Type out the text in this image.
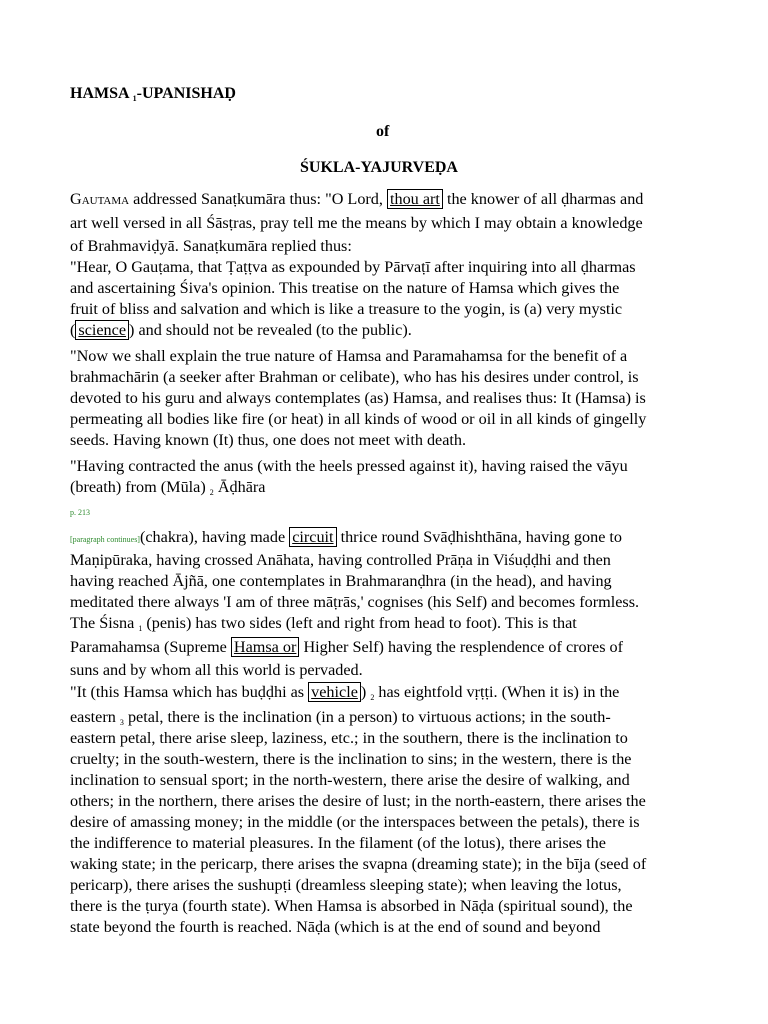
HAMSA $_1$-UPANISHAḌ
of
ŚUKLA-YAJURVEḌA
Gautama addressed Sanaṭkumāra thus: "O Lord, thou art the knower of all ḍharmas and
art well versed in all Śāsṭras, pray tell me the means by which I may obtain a knowledge
of Brahmaviḍyā. Sanaṭkumāra replied thus:
"Hear, O Gauṭama, that Ṭaṭṭva as expounded by Pārvaṭī after inquiring into all ḍharmas
and ascertaining Śiva's opinion. This treatise on the nature of Hamsa which gives the
fruit of bliss and salvation and which is like a treasure to the yogin, is (a) very mystic
( science ) and should not be revealed (to the public).
"Now we shall explain the true nature of Hamsa and Paramahamsa for the benefit of a
brahmachārin (a seeker after Brahman or celibate), who has his desires under control, is
devoted to his guru and always contemplates (as) Hamsa, and realises thus: It (Hamsa) is
permeating all bodies like fire (or heat) in all kinds of wood or oil in all kinds of gingelly
seeds. Having known (It) thus, one does not meet with death.
"Having contracted the anus (with the heels pressed against it), having raised the vāyu
(breath) from (Mūla) $_2$ Āḍhāra
p. 213
[paragraph continues](chakra), having made circuit thrice round Svāḍhishthāna, having gone to
Maṇipūraka, having crossed Anāhata, having controlled Prāṇa in Viśuḍḍhi and then
having reached Ājñā, one contemplates in Brahmaranḍhra (in the head), and having
meditated there always 'I am of three māṭrās,' cognises (his Self) and becomes formless.
The Śisna $_1$ (penis) has two sides (left and right from head to foot). This is that
Paramahamsa (Supreme Hamsa or Higher Self) having the resplendence of crores of
suns and by whom all this world is pervaded.
"It (this Hamsa which has buḍḍhi as vehicle ) $_2$ has eightfold vṛṭṭi. (When it is) in the
eastern $_3$ petal, there is the inclination (in a person) to virtuous actions; in the south-
eastern petal, there arise sleep, laziness, etc.; in the southern, there is the inclination to
cruelty; in the south-western, there is the inclination to sins; in the western, there is the
inclination to sensual sport; in the north-western, there arise the desire of walking, and
others; in the northern, there arises the desire of lust; in the north-eastern, there arises the
desire of amassing money; in the middle (or the interspaces between the petals), there is
the indifference to material pleasures. In the filament (of the lotus), there arises the
waking state; in the pericarp, there arises the svapna (dreaming state); in the bīja (seed of
pericarp), there arises the sushupṭi (dreamless sleeping state); when leaving the lotus,
there is the ṭurya (fourth state). When Hamsa is absorbed in Nāḍa (spiritual sound), the
state beyond the fourth is reached. Nāḍa (which is at the end of sound and beyond
